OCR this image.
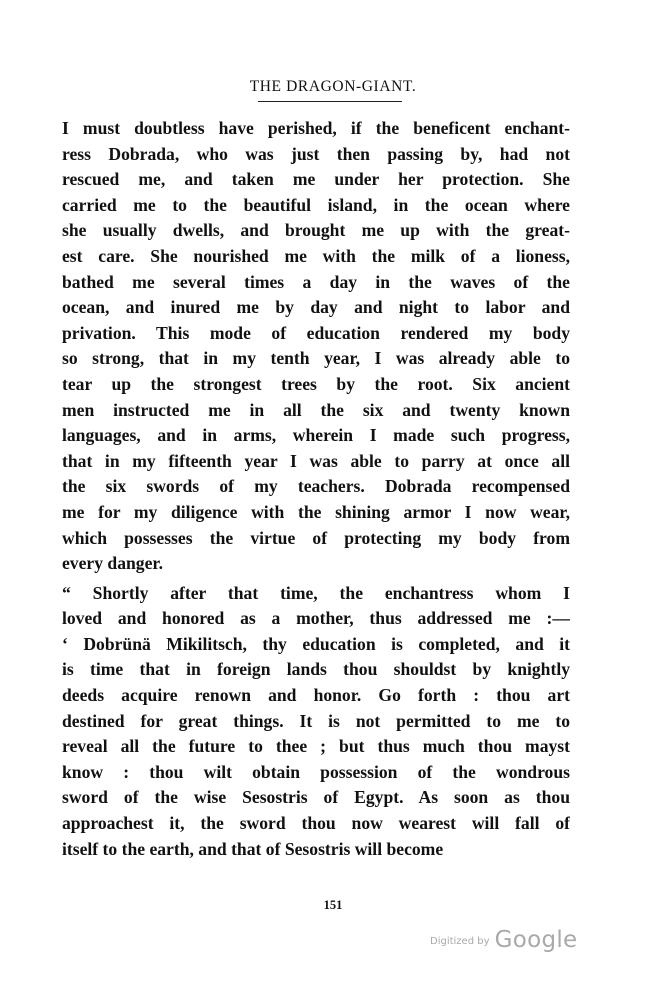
THE DRAGON-GIANT.
I must doubtless have perished, if the beneficent enchant-
ress Dobrada, who was just then passing by, had not
rescued me, and taken me under her protection. She
carried me to the beautiful island, in the ocean where
she usually dwells, and brought me up with the great-
est care. She nourished me with the milk of a lioness,
bathed me several times a day in the waves of the
ocean, and inured me by day and night to labor and
privation. This mode of education rendered my body
so strong, that in my tenth year, I was already able to
tear up the strongest trees by the root. Six ancient
men instructed me in all the six and twenty known
languages, and in arms, wherein I made such progress,
that in my fifteenth year I was able to parry at once all
the six swords of my teachers. Dobrada recompensed
me for my diligence with the shining armor I now wear,
which possesses the virtue of protecting my body from
every danger.
“ Shortly after that time, the enchantress whom I
loved and honored as a mother, thus addressed me :—
‘ Dobrünä Mikilitsch, thy education is completed, and it
is time that in foreign lands thou shouldst by knightly
deeds acquire renown and honor. Go forth : thou art
destined for great things. It is not permitted to me to
reveal all the future to thee ; but thus much thou mayst
know : thou wilt obtain possession of the wondrous
sword of the wise Sesostris of Egypt. As soon as thou
approachest it, the sword thou now wearest will fall of
itself to the earth, and that of Sesostris will become
151
Digitized by Google
